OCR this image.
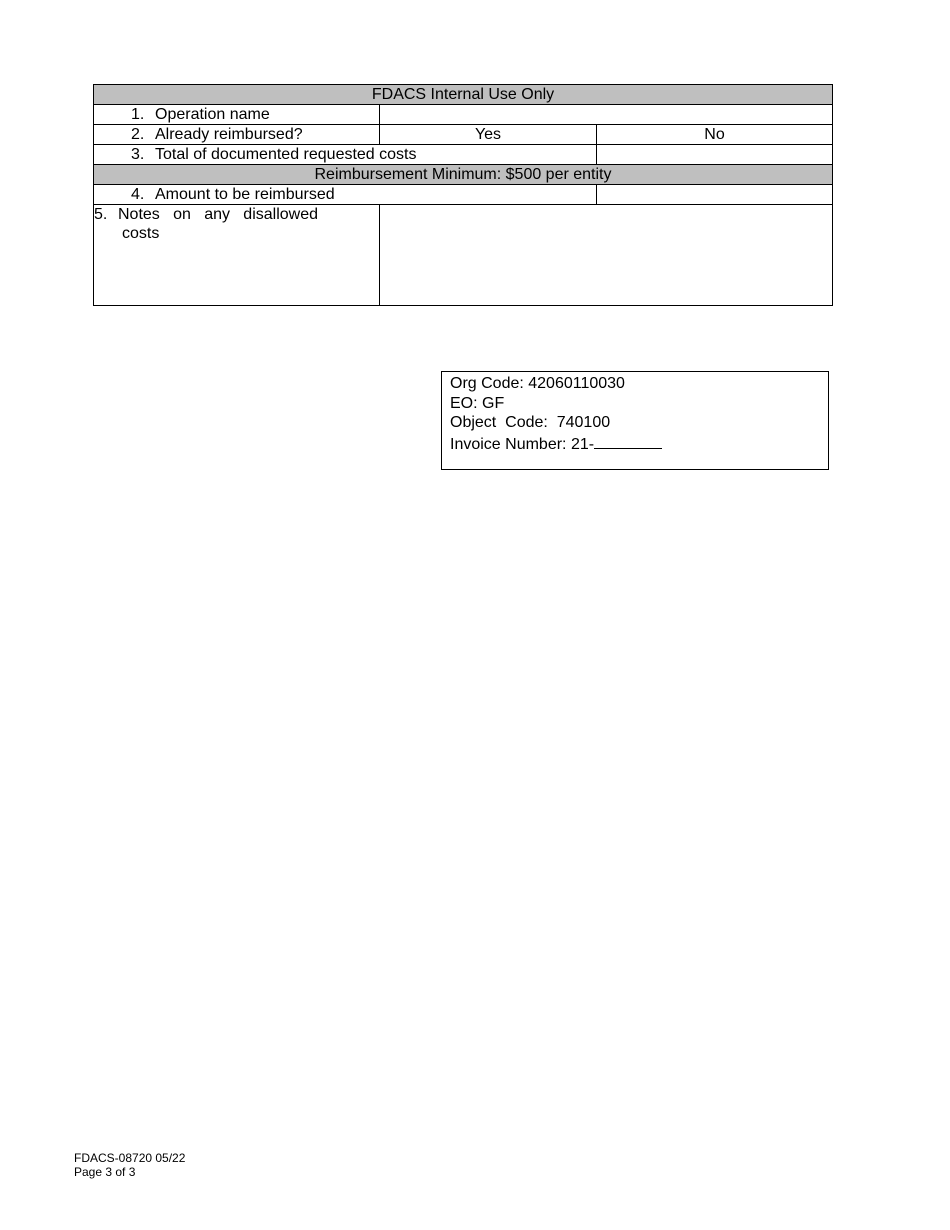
FDACS Internal Use Only		
1. Operation name		
2. Already reimbursed?	Yes	No
3. Total of documented requested costs		
Reimbursement Minimum: $500 per entity		
4. Amount to be reimbursed		
5. Notes on any disallowed
costs		

Org Code: 42060110030
EO: GF
Object  Code:  740100
Invoice Number: 21-
FDACS-08720 05/22
Page 3 of 3
